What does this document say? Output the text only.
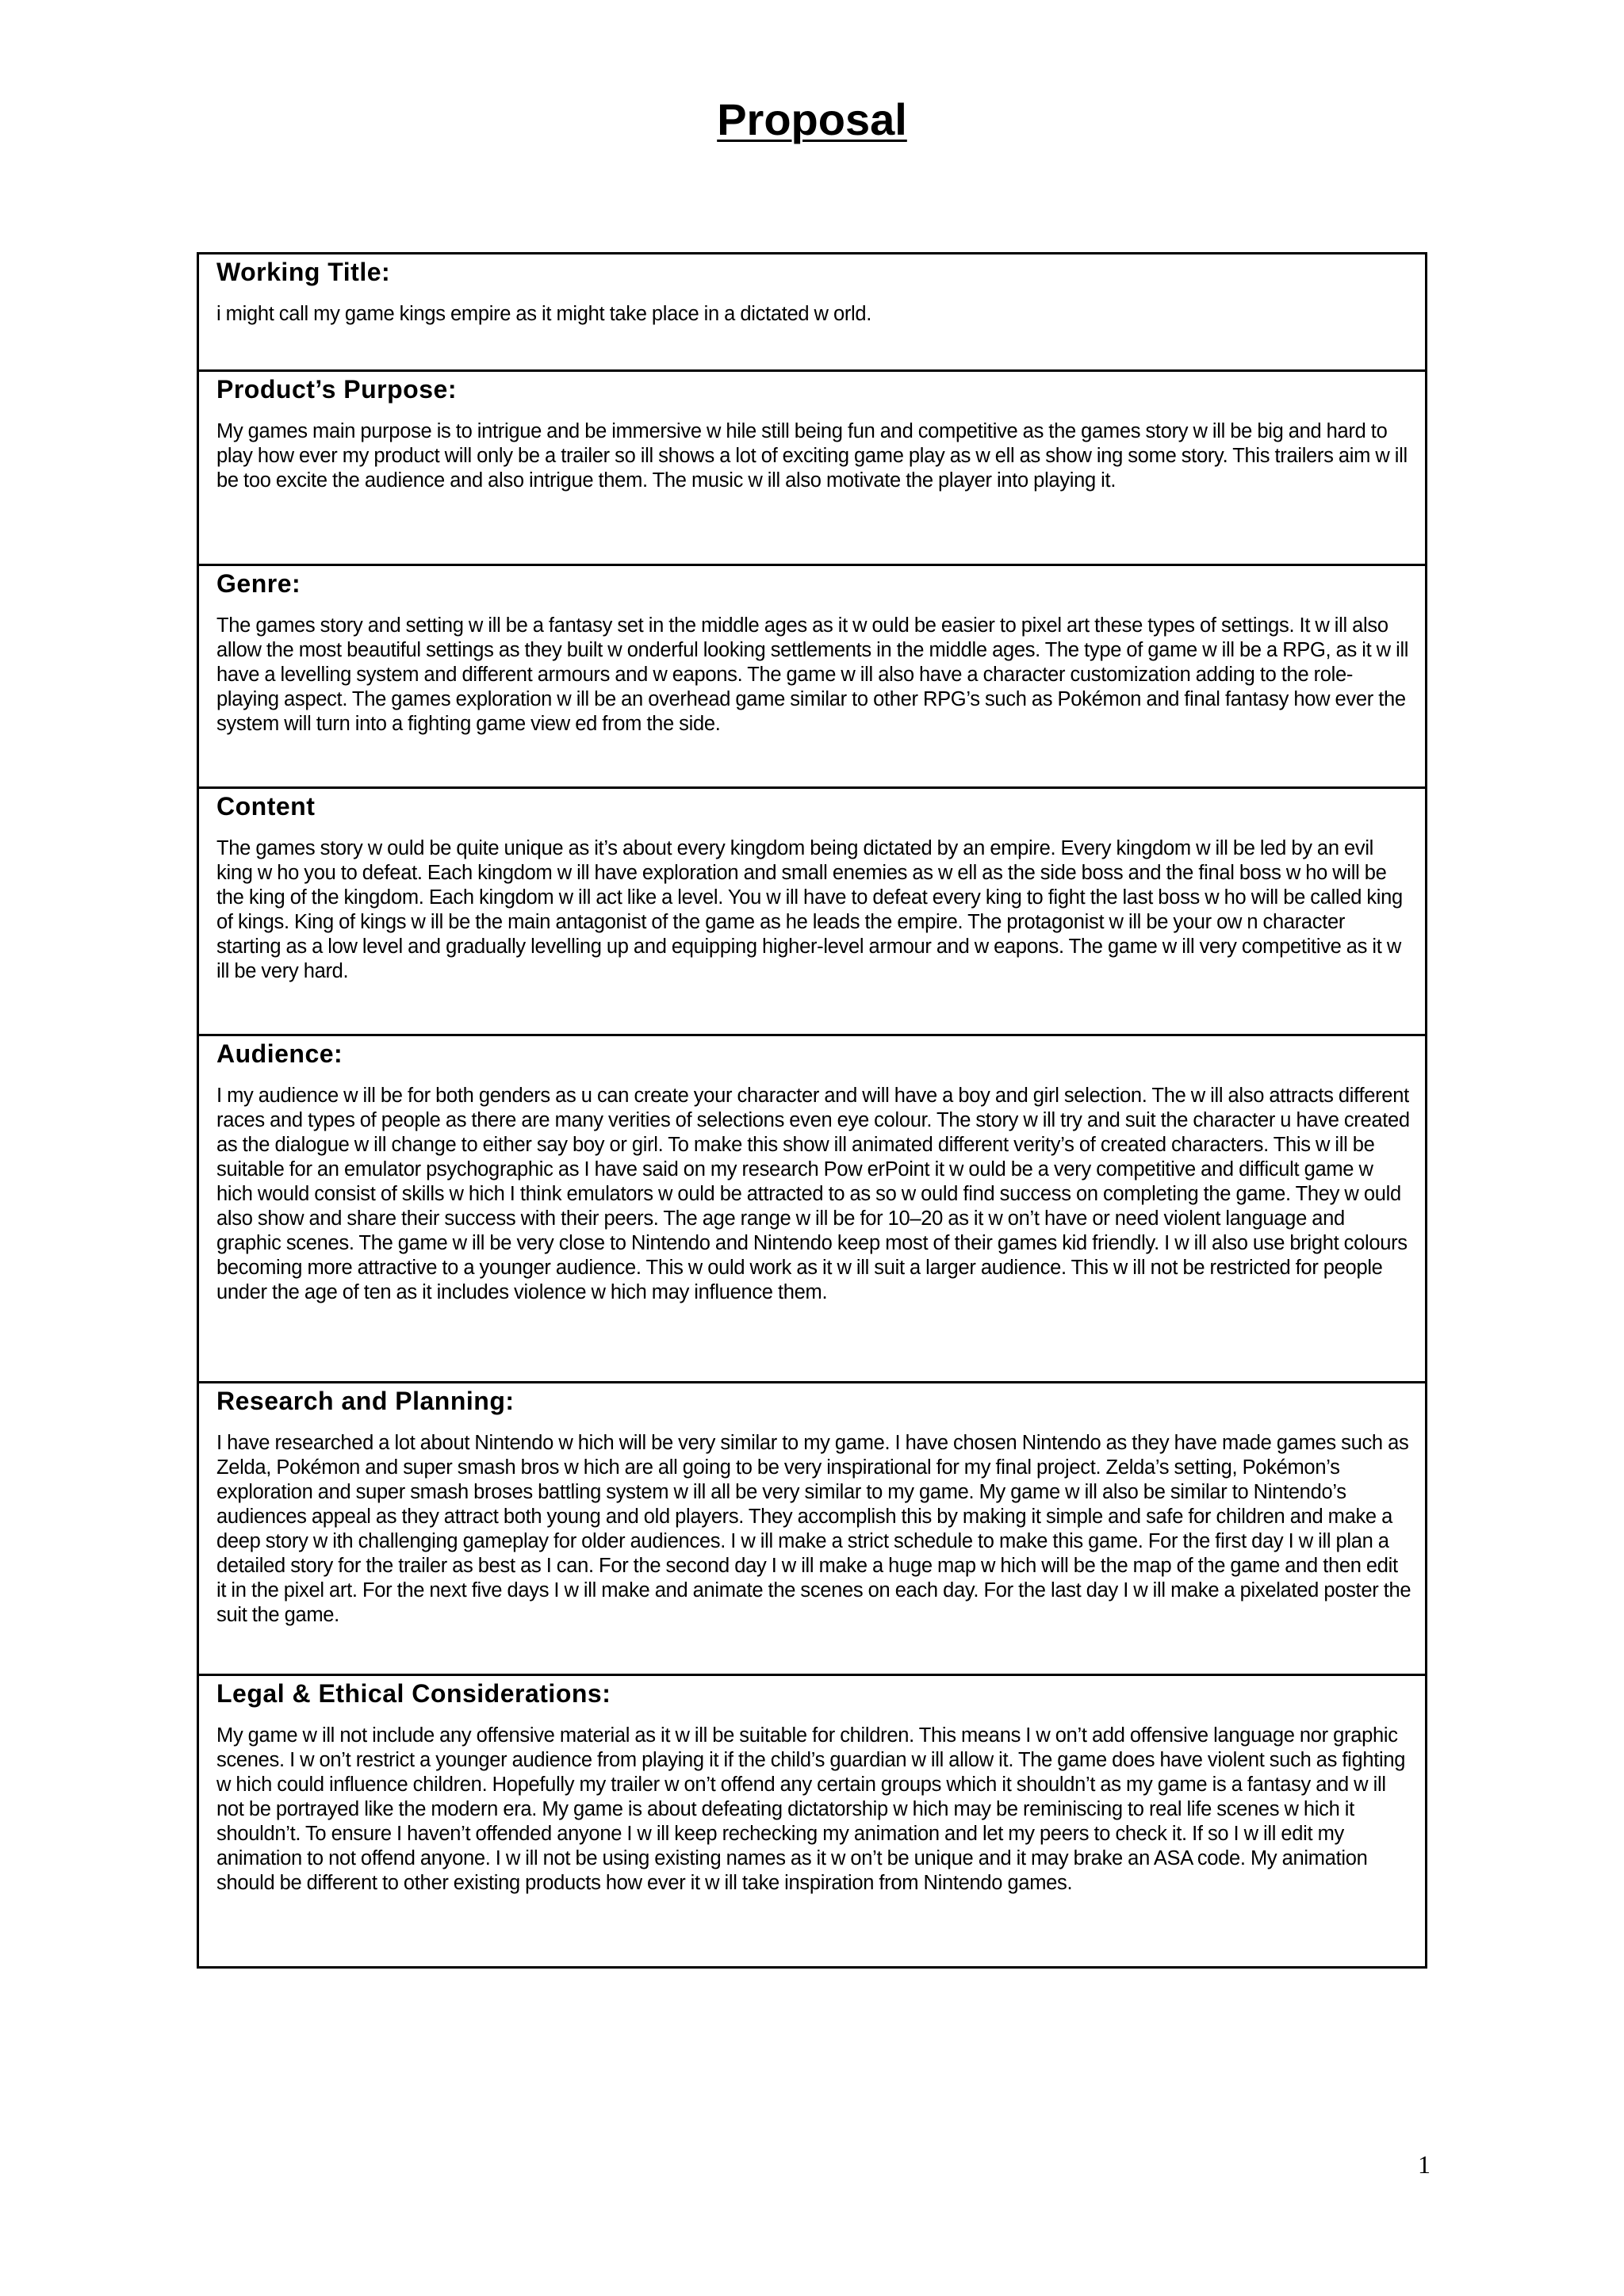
Proposal
Working Title:

i might call my game kings empire as it might take place in a dictated w orld.

Product’s Purpose:

My games main purpose is to intrigue and be immersive w hile still being fun and competitive as the games story w ill be big and hard to play how ever my product will only be a trailer so ill shows a lot of exciting game play as w ell as show ing some story. This trailers aim w ill be too excite the audience and also intrigue them. The music w ill also motivate the player into playing it.

Genre:

The games story and setting w ill be a fantasy set in the middle ages as it w ould be easier to pixel art these types of settings. It w ill also allow the most beautiful settings as they built w onderful looking settlements in the middle ages. The type of game w ill be a RPG, as it w ill have a levelling system and different armours and w eapons. The game w ill also have a character customization adding to the role-playing aspect. The games exploration w ill be an overhead game similar to other RPG’s such as Pokémon and final fantasy how ever the system will turn into a fighting game view ed from the side.

Content

The games story w ould be quite unique as it’s about every kingdom being dictated by an empire. Every kingdom w ill be led by an evil king w ho you to defeat. Each kingdom w ill have exploration and small enemies as w ell as the side boss and the final boss w ho will be the king of the kingdom. Each kingdom w ill act like a level. You w ill have to defeat every king to fight the last boss w ho will be called king of kings. King of kings w ill be the main antagonist of the game as he leads the empire. The protagonist w ill be your ow n character starting as a low level and gradually levelling up and equipping higher-level armour and w eapons. The game w ill very competitive as it w ill be very hard.

Audience:

I my audience w ill be for both genders as u can create your character and will have a boy and girl selection. The w ill also attracts different races and types of people as there are many verities of selections even eye colour. The story w ill try and suit the character u have created as the dialogue w ill change to either say boy or girl. To make this show ill animated different verity’s of created characters. This w ill be suitable for an emulator psychographic as I have said on my research Pow erPoint it w ould be a very competitive and difficult game w hich would consist of skills w hich I think emulators w ould be attracted to as so w ould find success on completing the game. They w ould also show and share their success with their peers. The age range w ill be for 10–20 as it w on’t have or need violent language and graphic scenes. The game w ill be very close to Nintendo and Nintendo keep most of their games kid friendly. I w ill also use bright colours becoming more attractive to a younger audience. This w ould work as it w ill suit a larger audience. This w ill not be restricted for people under the age of ten as it includes violence w hich may influence them.

Research and Planning:

I have researched a lot about Nintendo w hich will be very similar to my game. I have chosen Nintendo as they have made games such as Zelda, Pokémon and super smash bros w hich are all going to be very inspirational for my final project. Zelda’s setting, Pokémon’s exploration and super smash broses battling system w ill all be very similar to my game. My game w ill also be similar to Nintendo’s audiences appeal as they attract both young and old players. They accomplish this by making it simple and safe for children and make a deep story w ith challenging gameplay for older audiences. I w ill make a strict schedule to make this game. For the first day I w ill plan a detailed story for the trailer as best as I can. For the second day I w ill make a huge map w hich will be the map of the game and then edit it in the pixel art. For the next five days I w ill make and animate the scenes on each day. For the last day I w ill make a pixelated poster the suit the game.

Legal & Ethical Considerations:

My game w ill not include any offensive material as it w ill be suitable for children. This means I w on’t add offensive language nor graphic scenes. I w on’t restrict a younger audience from playing it if the child’s guardian w ill allow it. The game does have violent such as fighting w hich could influence children. Hopefully my trailer w on’t offend any certain groups which it shouldn’t as my game is a fantasy and w ill not be portrayed like the modern era. My game is about defeating dictatorship w hich may be reminiscing to real life scenes w hich it shouldn’t. To ensure I haven’t offended anyone I w ill keep rechecking my animation and let my peers to check it. If so I w ill edit my animation to not offend anyone. I w ill not be using existing names as it w on’t be unique and it may brake an ASA code. My animation should be different to other existing products how ever it w ill take inspiration from Nintendo games.

1
